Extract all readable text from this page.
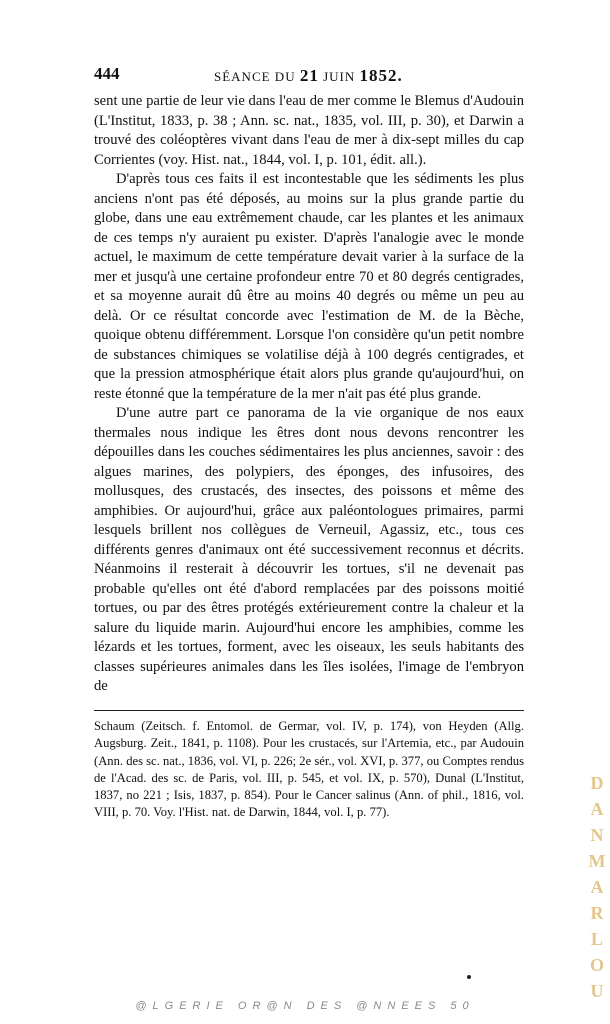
444	SÉANCE DU 21 JUIN 1852.

sent une partie de leur vie dans l'eau de mer comme le Blemus d'Audouin (L'Institut, 1833, p. 38 ; Ann. sc. nat., 1835, vol. III, p. 30), et Darwin a trouvé des coléoptères vivant dans l'eau de mer à dix-sept milles du cap Corrientes (voy. Hist. nat., 1844, vol. I, p. 101, édit. all.).

D'après tous ces faits il est incontestable que les sédiments les plus anciens n'ont pas été déposés, au moins sur la plus grande partie du globe, dans une eau extrêmement chaude, car les plantes et les animaux de ces temps n'y auraient pu exister. D'après l'analogie avec le monde actuel, le maximum de cette température devait varier à la surface de la mer et jusqu'à une certaine profondeur entre 70 et 80 degrés centigrades, et sa moyenne aurait dû être au moins 40 degrés ou même un peu au delà. Or ce résultat concorde avec l'estimation de M. de la Bèche, quoique obtenu différemment. Lorsque l'on considère qu'un petit nombre de substances chimiques se volatilise déjà à 100 degrés centigrades, et que la pression atmosphérique était alors plus grande qu'aujourd'hui, on reste étonné que la température de la mer n'ait pas été plus grande.

D'une autre part ce panorama de la vie organique de nos eaux thermales nous indique les êtres dont nous devons rencontrer les dépouilles dans les couches sédimentaires les plus anciennes, savoir : des algues marines, des polypiers, des éponges, des infusoires, des mollusques, des crustacés, des insectes, des poissons et même des amphibies. Or aujourd'hui, grâce aux paléontologues primaires, parmi lesquels brillent nos collègues de Verneuil, Agassiz, etc., tous ces différents genres d'animaux ont été successivement reconnus et décrits. Néanmoins il resterait à découvrir les tortues, s'il ne devenait pas probable qu'elles ont été d'abord remplacées par des poissons moitié tortues, ou par des êtres protégés extérieurement contre la chaleur et la salure du liquide marin. Aujourd'hui encore les amphibies, comme les lézards et les tortues, forment, avec les oiseaux, les seuls habitants des classes supérieures animales dans les îles isolées, l'image de l'embryon de

Schaum (Zeitsch. f. Entomol. de Germar, vol. IV, p. 174), von Heyden (Allg. Augsburg. Zeit., 1841, p. 1108). Pour les crustacés, sur l'Artemia, etc., par Audouin (Ann. des sc. nat., 1836, vol. VI, p. 226; 2e sér., vol. XVI, p. 377, ou Comptes rendus de l'Acad. des sc. de Paris, vol. III, p. 545, et vol. IX, p. 570), Dunal (L'Institut, 1837, no 221 ; Isis, 1837, p. 854). Pour le Cancer salinus (Ann. of phil., 1816, vol. VIII, p. 70. Voy. l'Hist. nat. de Darwin, 1844, vol. I, p. 77).

D
A
N
M
A
R
L
O
U
@LGERIE OR@N DES @NNEES 50
